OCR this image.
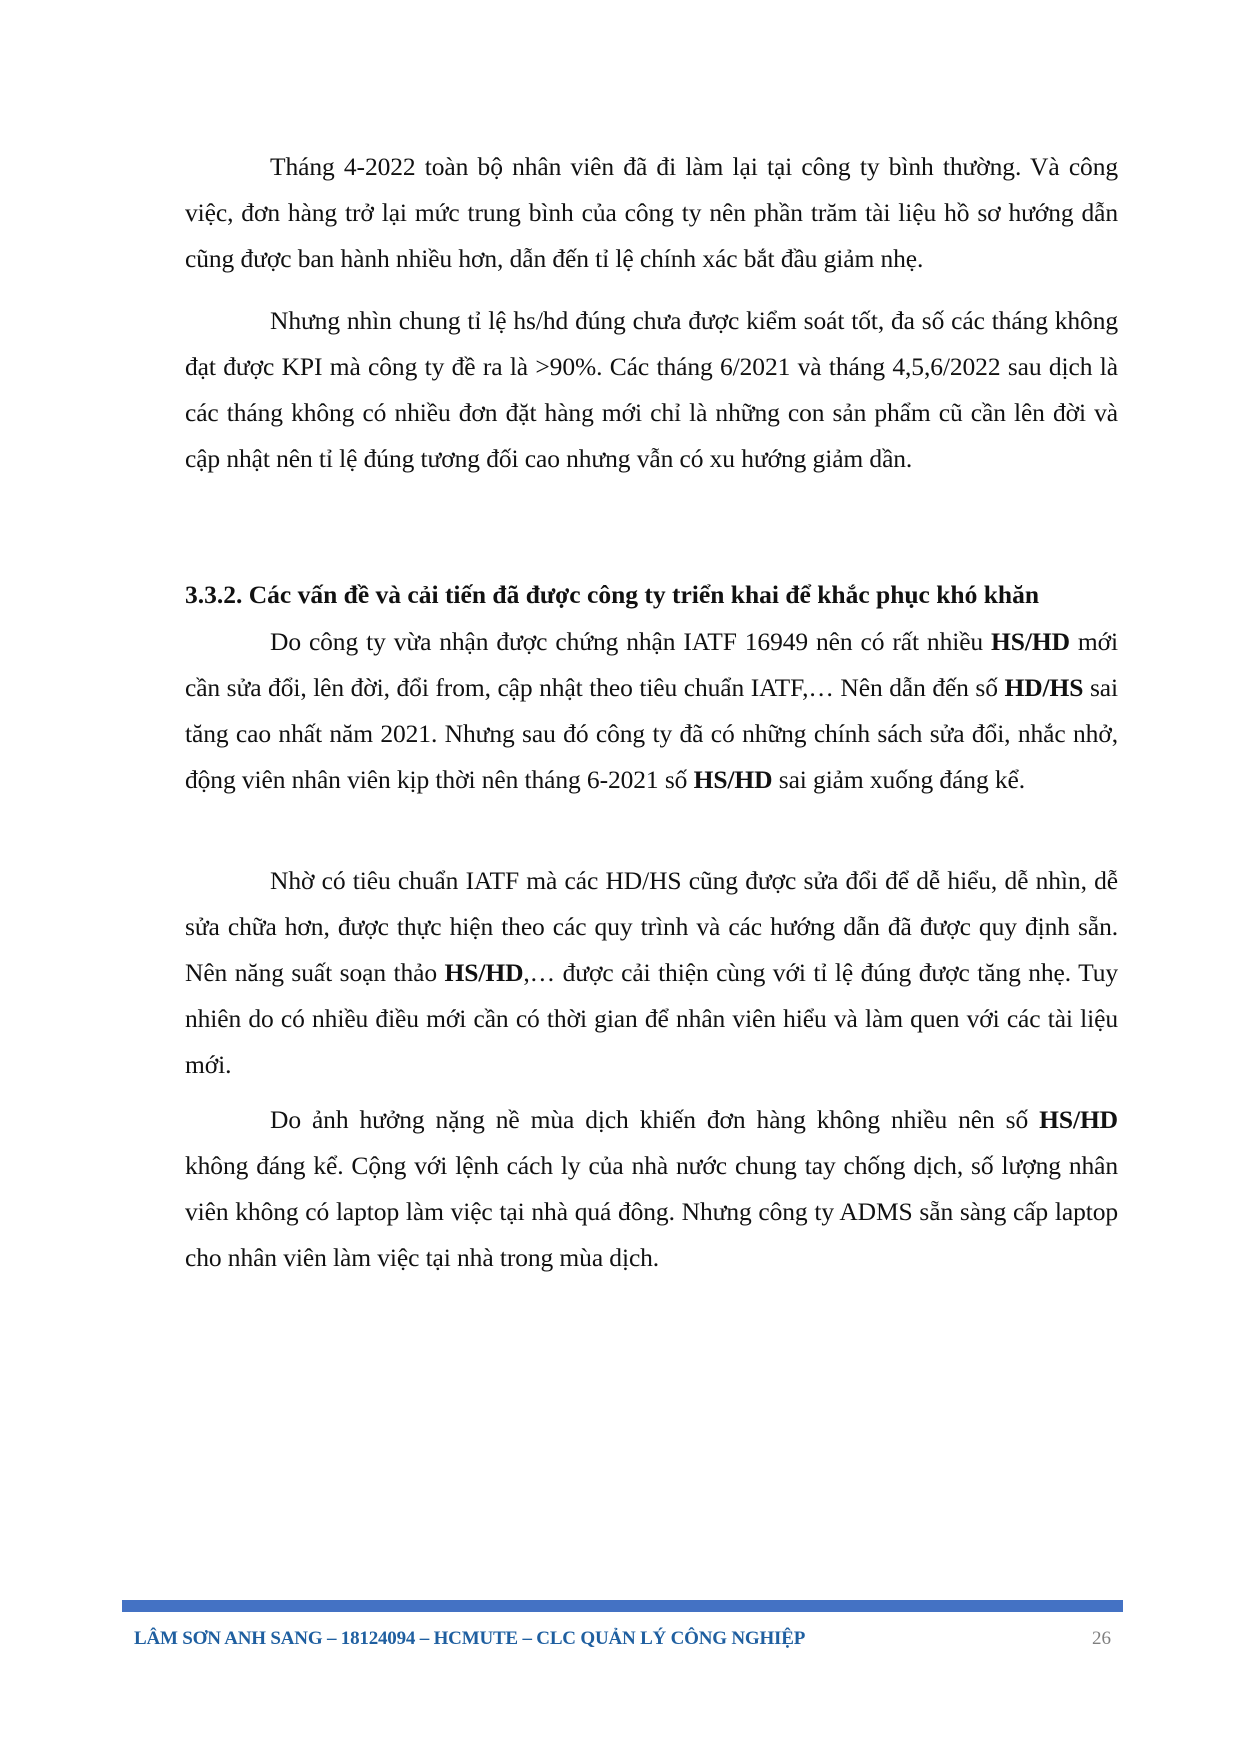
Tháng 4-2022 toàn bộ nhân viên đã đi làm lại tại công ty bình thường. Và công việc, đơn hàng trở lại mức trung bình của công ty nên phần trăm tài liệu hồ sơ hướng dẫn cũng được ban hành nhiều hơn, dẫn đến tỉ lệ chính xác bắt đầu giảm nhẹ.

Nhưng nhìn chung tỉ lệ hs/hd đúng chưa được kiểm soát tốt, đa số các tháng không đạt được KPI mà công ty đề ra là >90%. Các tháng 6/2021 và tháng 4,5,6/2022 sau dịch là các tháng không có nhiều đơn đặt hàng mới chỉ là những con sản phẩm cũ cần lên đời và cập nhật nên tỉ lệ đúng tương đối cao nhưng vẫn có xu hướng giảm dần.

3.3.2. Các vấn đề và cải tiến đã được công ty triển khai để khắc phục khó khăn

Do công ty vừa nhận được chứng nhận IATF 16949 nên có rất nhiều HS/HD mới cần sửa đổi, lên đời, đổi from, cập nhật theo tiêu chuẩn IATF,… Nên dẫn đến số HD/HS sai tăng cao nhất năm 2021. Nhưng sau đó công ty đã có những chính sách sửa đổi, nhắc nhở, động viên nhân viên kịp thời nên tháng 6-2021 số HS/HD sai giảm xuống đáng kể.

Nhờ có tiêu chuẩn IATF mà các HD/HS cũng được sửa đổi để dễ hiểu, dễ nhìn, dễ sửa chữa hơn, được thực hiện theo các quy trình và các hướng dẫn đã được quy định sẵn. Nên năng suất soạn thảo HS/HD,… được cải thiện cùng với tỉ lệ đúng được tăng nhẹ. Tuy nhiên do có nhiều điều mới cần có thời gian để nhân viên hiểu và làm quen với các tài liệu mới.

Do ảnh hưởng nặng nề mùa dịch khiến đơn hàng không nhiều nên số HS/HD không đáng kể. Cộng với lệnh cách ly của nhà nước chung tay chống dịch, số lượng nhân viên không có laptop làm việc tại nhà quá đông. Nhưng công ty ADMS sẵn sàng cấp laptop cho nhân viên làm việc tại nhà trong mùa dịch.

LÂM SƠN ANH SANG – 18124094 – HCMUTE – CLC QUẢN LÝ CÔNG NGHIỆP	26
